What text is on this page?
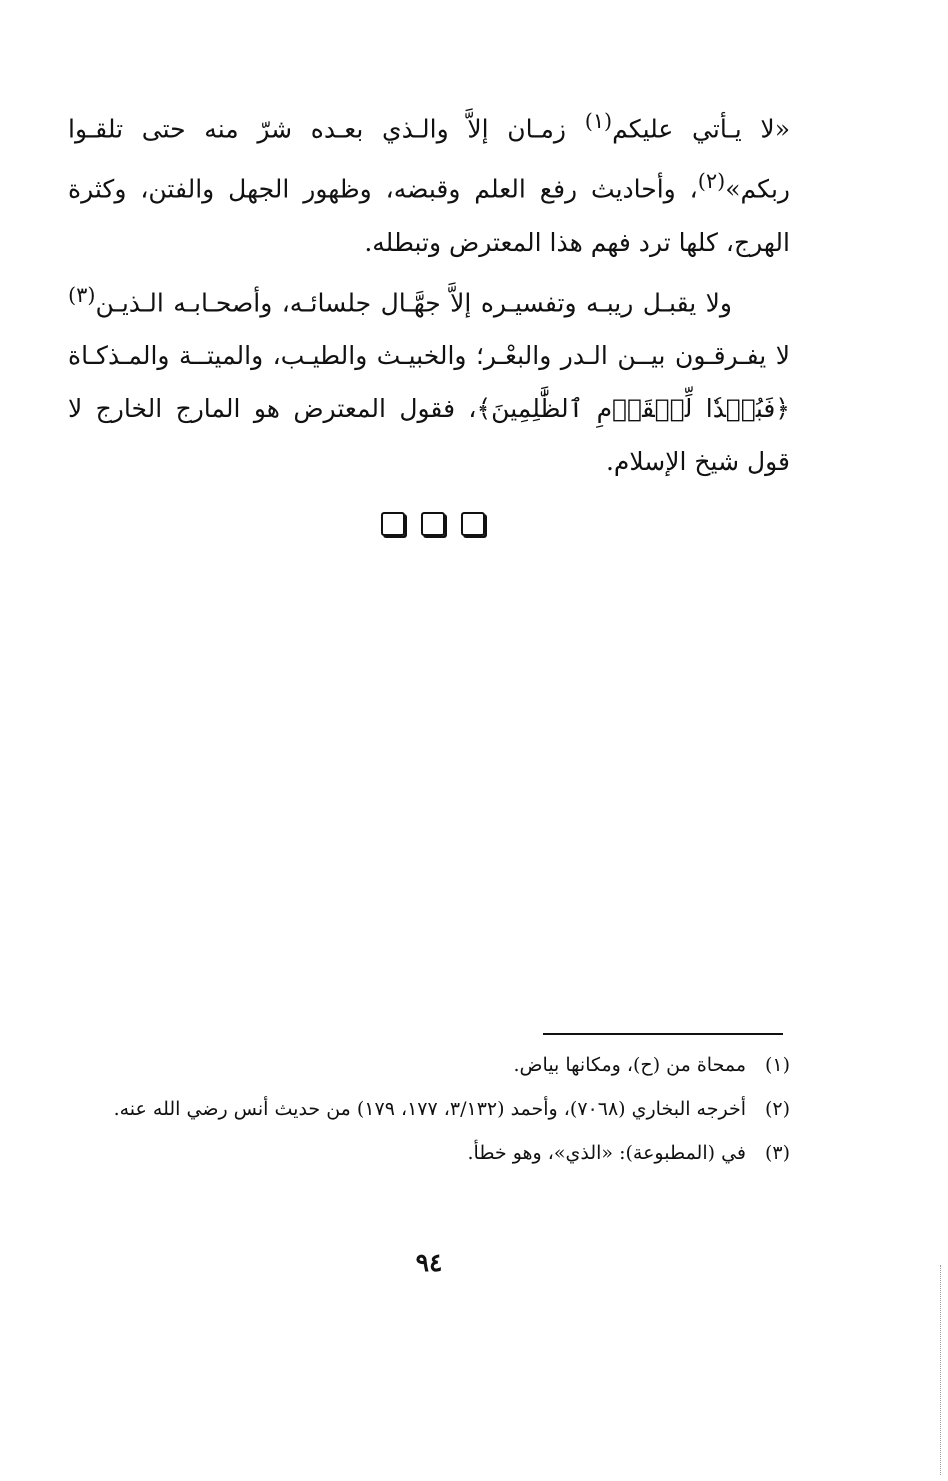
«لا يـأتي عليكم$^{(١)}$ زمـان إلاَّ والـذي بعـده شرّ منه حتى تلقـوا ربكم»$^{(٢)}$، وأحاديث رفع العلم وقبضه، وظهور الجهل والفتن، وكثرة الهرج، كلها ترد فهم هذا المعترض وتبطله.

ولا يقبـل ريبـه وتفسيـره إلاَّ جهَّـال جلسائـه، وأصحـابـه الـذيـن$^{(٣)}$ لا يفـرقـون بيــن الـدر والبعْـر؛ والخبيـث والطيـب، والميتــة والمـذكـاة ﴿فَبُعۡدٗا لِّلۡقَوۡمِ ٱلظَّٰلِمِينَ﴾، فقول المعترض هو المارج الخارج لا قول شيخ الإسلام.

(١)
ممحاة من (ح)، ومكانها بياض.
(٢)
أخرجه البخاري (٧٠٦٨)، وأحمد (٣/١٣٢، ١٧٧، ١٧٩) من حديث أنس رضي الله عنه.
(٣)
في (المطبوعة): «الذي»، وهو خطأ.
٩٤
